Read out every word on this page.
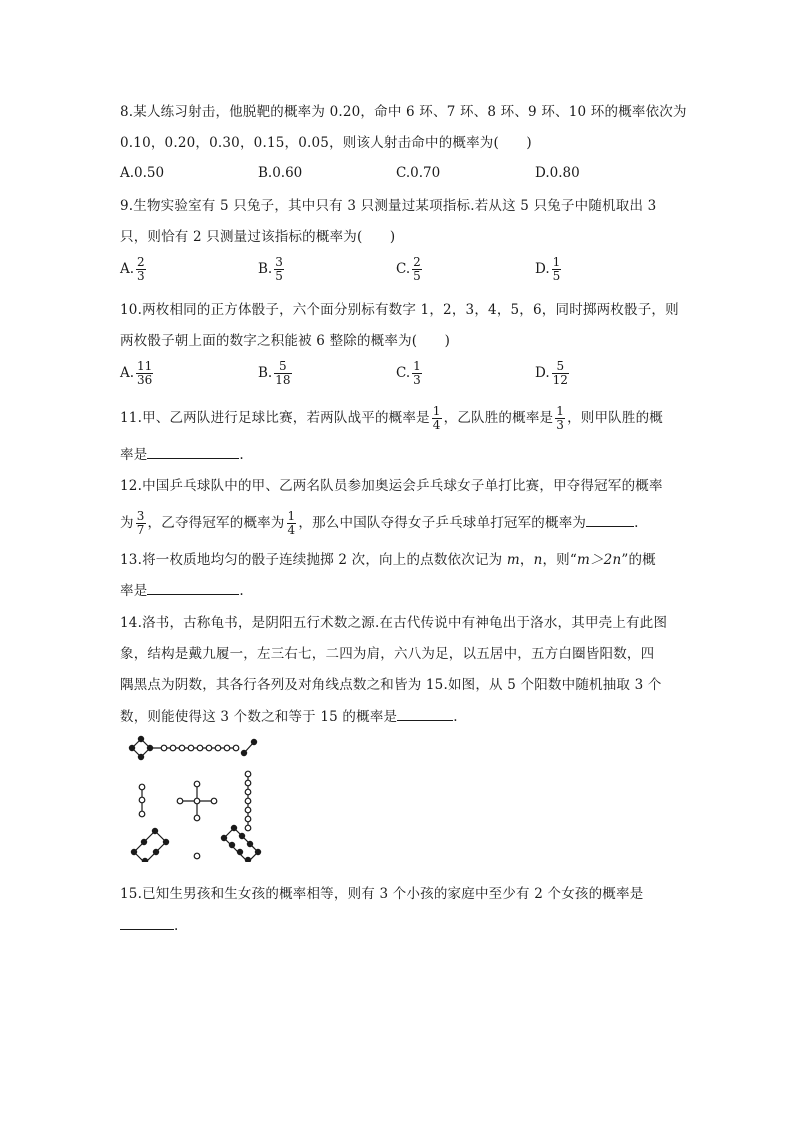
8.某人练习射击，他脱靶的概率为 0.20，命中 6 环、7 环、8 环、9 环、10 环的概率依次为
0.10，0.20，0.30，0.15，0.05，则该人射击命中的概率为(　　)
A.0.50	B.0.60	C.0.70	D.0.80
9.生物实验室有 5 只兔子，其中只有 3 只测量过某项指标.若从这 5 只兔子中随机取出 3
只，则恰有 2 只测量过该指标的概率为(　　)
A. $\frac{2}{3}$	B. $\frac{3}{5}$	C. $\frac{2}{5}$	D. $\frac{1}{5}$
10.两枚相同的正方体骰子，六个面分别标有数字 1，2，3，4，5，6，同时掷两枚骰子，则
两枚骰子朝上面的数字之积能被 6 整除的概率为(　　)
A. $\frac{11}{36}$	B. $\frac{5}{18}$	C. $\frac{1}{3}$	D. $\frac{5}{12}$
11.甲、乙两队进行足球比赛，若两队战平的概率是 $\frac{1}{4}$ ，乙队胜的概率是 $\frac{1}{3}$ ，则甲队胜的概
率是	.
12.中国乒乓球队中的甲、乙两名队员参加奥运会乒乓球女子单打比赛，甲夺得冠军的概率
为 $\frac{3}{7}$ ，乙夺得冠军的概率为 $\frac{1}{4}$ ，那么中国队夺得女子乒乓球单打冠军的概率为	.
13.将一枚质地均匀的骰子连续抛掷 2 次，向上的点数依次记为 m，n，则“m＞2n”的概
率是	.
14.洛书，古称龟书，是阴阳五行术数之源.在古代传说中有神龟出于洛水，其甲壳上有此图
象，结构是戴九履一，左三右七，二四为肩，六八为足，以五居中，五方白圈皆阳数，四
隅黑点为阴数，其各行各列及对角线点数之和皆为 15.如图，从 5 个阳数中随机抽取 3 个
数，则能使得这 3 个数之和等于 15 的概率是	.
15.已知生男孩和生女孩的概率相等，则有 3 个小孩的家庭中至少有 2 个女孩的概率是
.
